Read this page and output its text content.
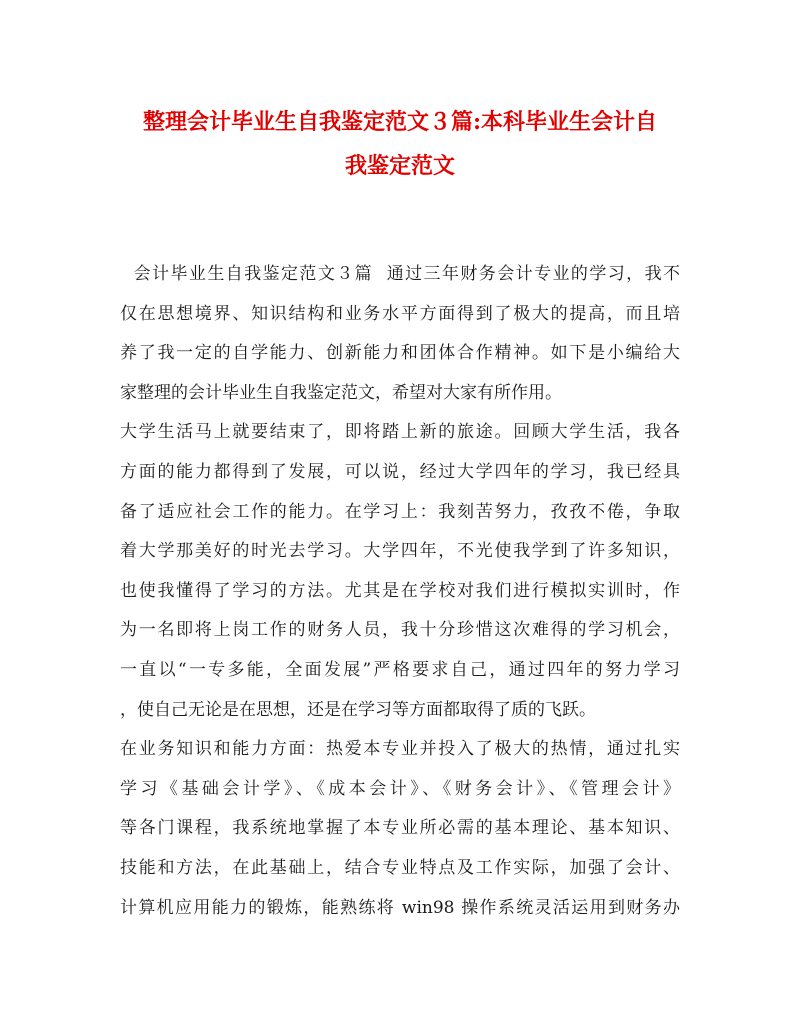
整理会计毕业生自我鉴定范文３篇:本科毕业生会计自
我鉴定范文
会计毕业生自我鉴定范文３篇  通过三年财务会计专业的学习，我不
仅在思想境界、知识结构和业务水平方面得到了极大的提高，而且培
养了我一定的自学能力、创新能力和团体合作精神。如下是小编给大
家整理的会计毕业生自我鉴定范文，希望对大家有所作用。
大学生活马上就要结束了，即将踏上新的旅途。回顾大学生活，我各
方面的能力都得到了发展，可以说，经过大学四年的学习，我已经具
备了适应社会工作的能力。在学习上：我刻苦努力，孜孜不倦，争取
着大学那美好的时光去学习。大学四年，不光使我学到了许多知识，
也使我懂得了学习的方法。尤其是在学校对我们进行模拟实训时，作
为一名即将上岗工作的财务人员，我十分珍惜这次难得的学习机会，
一直以“一专多能，全面发展”严格要求自己，通过四年的努力学习
，使自己无论是在思想，还是在学习等方面都取得了质的飞跃。
在业务知识和能力方面：热爱本专业并投入了极大的热情，通过扎实
学习《基础会计学》、《成本会计》、《财务会计》、《管理会计》
等各门课程，我系统地掌握了本专业所必需的基本理论、基本知识、
技能和方法，在此基础上，结合专业特点及工作实际，加强了会计、
计算机应用能力的锻炼，能熟练将 win98 操作系统灵活运用到财务办
